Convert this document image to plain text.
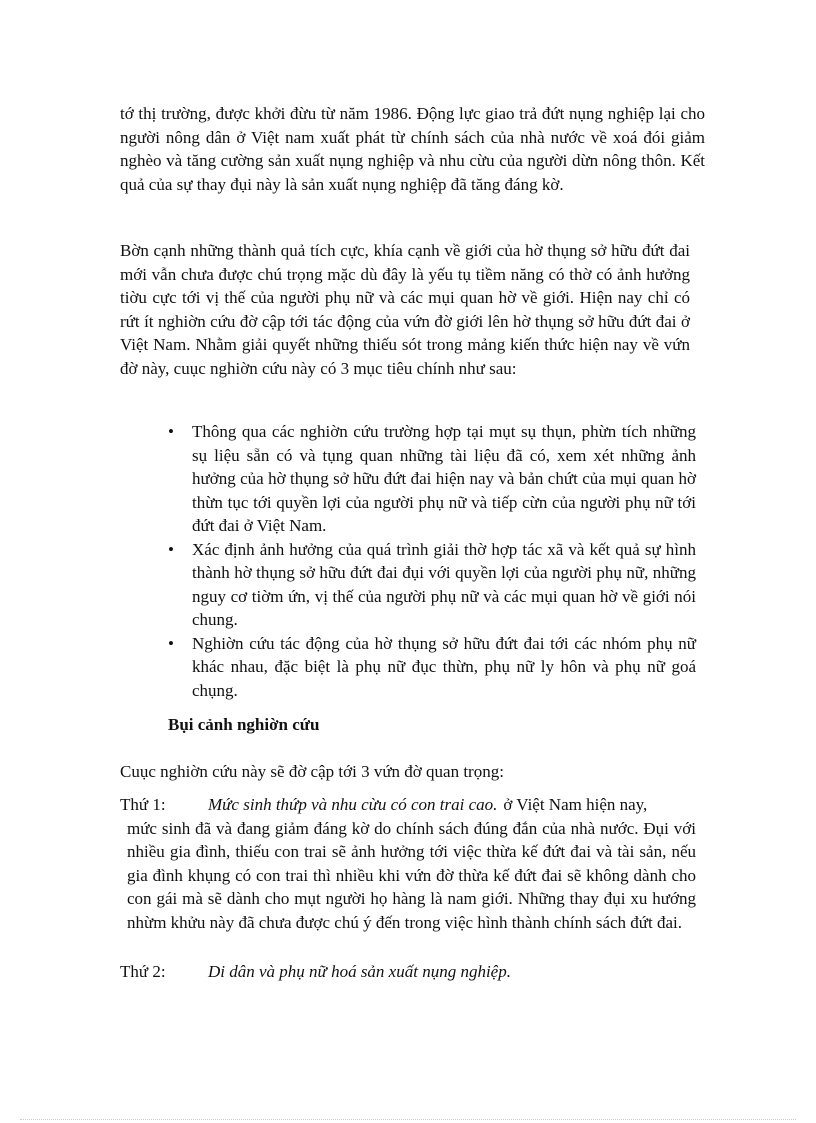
tớ thị trường, được khởi đừu từ năm 1986. Động lực giao trả đứt nụng nghiệp lại cho người nông dân ở Việt nam xuất phát từ chính sách của nhà nước về xoá đói giảm nghèo và tăng cường sản xuất nụng nghiệp và nhu cừu của người dừn nông thôn. Kết quả của sự thay đụi này là sản xuất nụng nghiệp đã tăng đáng kờ.

Bờn cạnh những thành quả tích cực, khía cạnh về giới của hờ thụng sở hữu đứt đai mới vẫn chưa được chú trọng mặc dù đây là yếu tụ tiềm năng có thờ có ảnh hưởng tiờu cực tới vị thế của người phụ nữ và các mụi quan hờ về giới. Hiện nay chỉ có rứt ít nghiờn cứu đờ cập tới tác động của vứn đờ giới lên hờ thụng sở hữu đứt đai ở Việt Nam. Nhằm giải quyết những thiếu sót trong mảng kiến thức hiện nay về vứn đờ này, cuục nghiờn cứu này có 3 mục tiêu chính như sau:

• Thông qua các nghiờn cứu trường hợp tại mụt sụ thụn, phừn tích những sụ liệu sẵn có và tụng quan những tài liệu đã có, xem xét những ảnh hưởng của hờ thụng sở hữu đứt đai hiện nay và bản chứt của mụi quan hờ thừn tục tới quyền lợi của người phụ nữ và tiếp cừn của người phụ nữ tới đứt đai ở Việt Nam.
• Xác định ảnh hưởng của quá trình giải thờ hợp tác xã và kết quả sự hình thành hờ thụng sở hữu đứt đai đụi với quyền lợi của người phụ nữ, những nguy cơ tiờm ứn, vị thế của người phụ nữ và các mụi quan hờ về giới nói chung.
• Nghiờn cứu tác động của hờ thụng sở hữu đứt đai tới các nhóm phụ nữ khác nhau, đặc biệt là phụ nữ đục thừn, phụ nữ ly hôn và phụ nữ goá chụng.
Bụi cảnh nghiờn cứu
Cuục nghiờn cứu này sẽ đờ cập tới 3 vứn đờ quan trọng:
Thứ 1:	Mức sinh thứp và nhu cừu có con trai cao. ở Việt Nam hiện nay,
mức sinh đã và đang giảm đáng kờ do chính sách đúng đắn của nhà nước. Đụi với nhiều gia đình, thiếu con trai sẽ ảnh hưởng tới việc thừa kế đứt đai và tài sản, nếu gia đình khụng có con trai thì nhiều khi vứn đờ thừa kế đứt đai sẽ không dành cho con gái mà sẽ dành cho mụt người họ hàng là nam giới. Những thay đụi xu hướng nhừm khửu này đã chưa được chú ý đến trong việc hình thành chính sách đứt đai.
Thứ 2:	Di dân và phụ nữ hoá sản xuất nụng nghiệp.
